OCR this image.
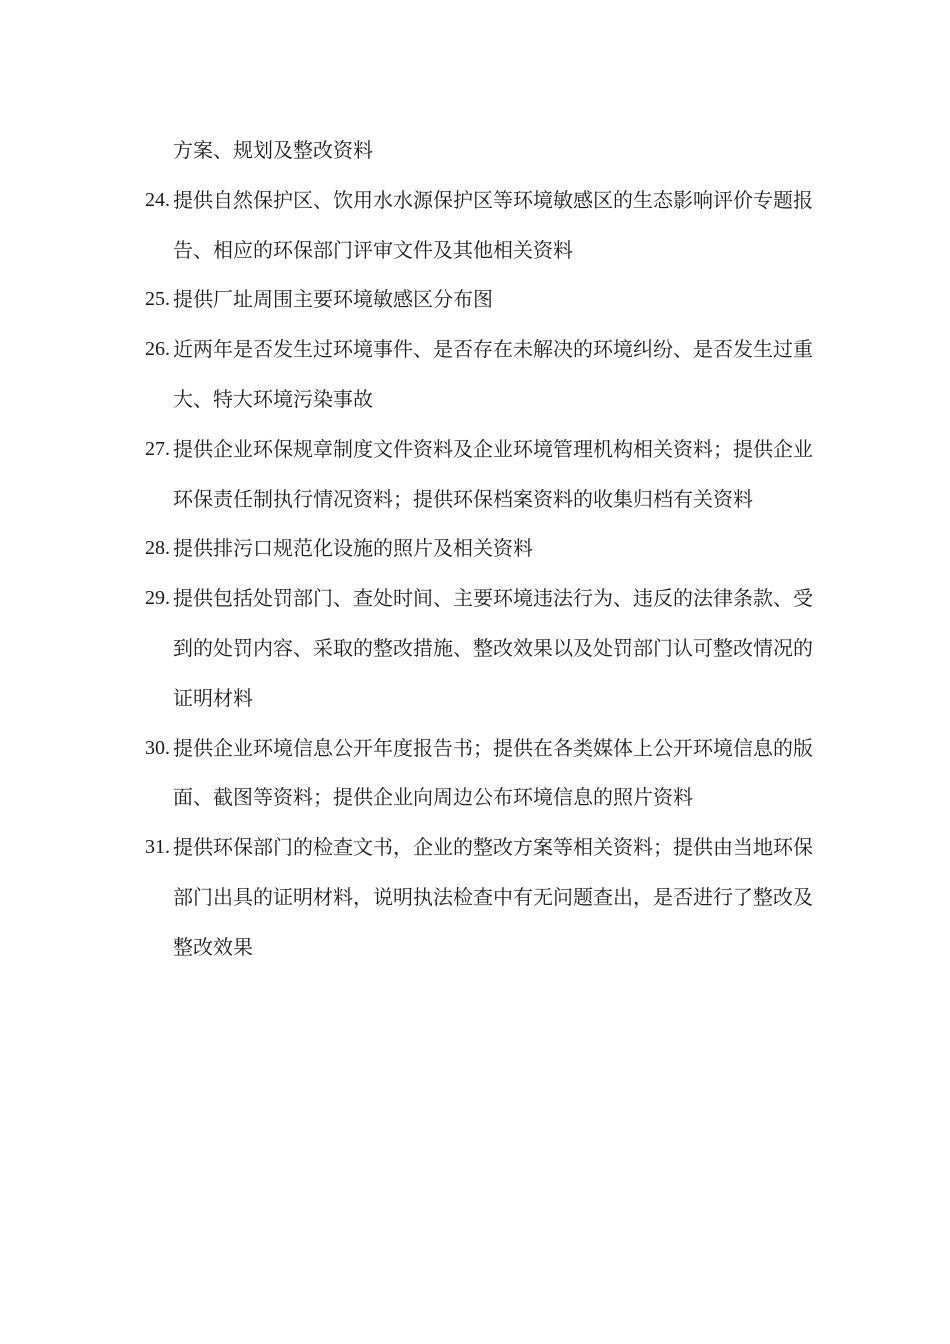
方案、规划及整改资料

24. 提供自然保护区、饮用水水源保护区等环境敏感区的生态影响评价专题报告、相应的环保部门评审文件及其他相关资料
25. 提供厂址周围主要环境敏感区分布图
26. 近两年是否发生过环境事件、是否存在未解决的环境纠纷、是否发生过重大、特大环境污染事故
27. 提供企业环保规章制度文件资料及企业环境管理机构相关资料；提供企业环保责任制执行情况资料；提供环保档案资料的收集归档有关资料
28. 提供排污口规范化设施的照片及相关资料
29. 提供包括处罚部门、查处时间、主要环境违法行为、违反的法律条款、受到的处罚内容、采取的整改措施、整改效果以及处罚部门认可整改情况的证明材料
30. 提供企业环境信息公开年度报告书；提供在各类媒体上公开环境信息的版面、截图等资料；提供企业向周边公布环境信息的照片资料
31. 提供环保部门的检查文书，企业的整改方案等相关资料；提供由当地环保部门出具的证明材料，说明执法检查中有无问题查出，是否进行了整改及整改效果
